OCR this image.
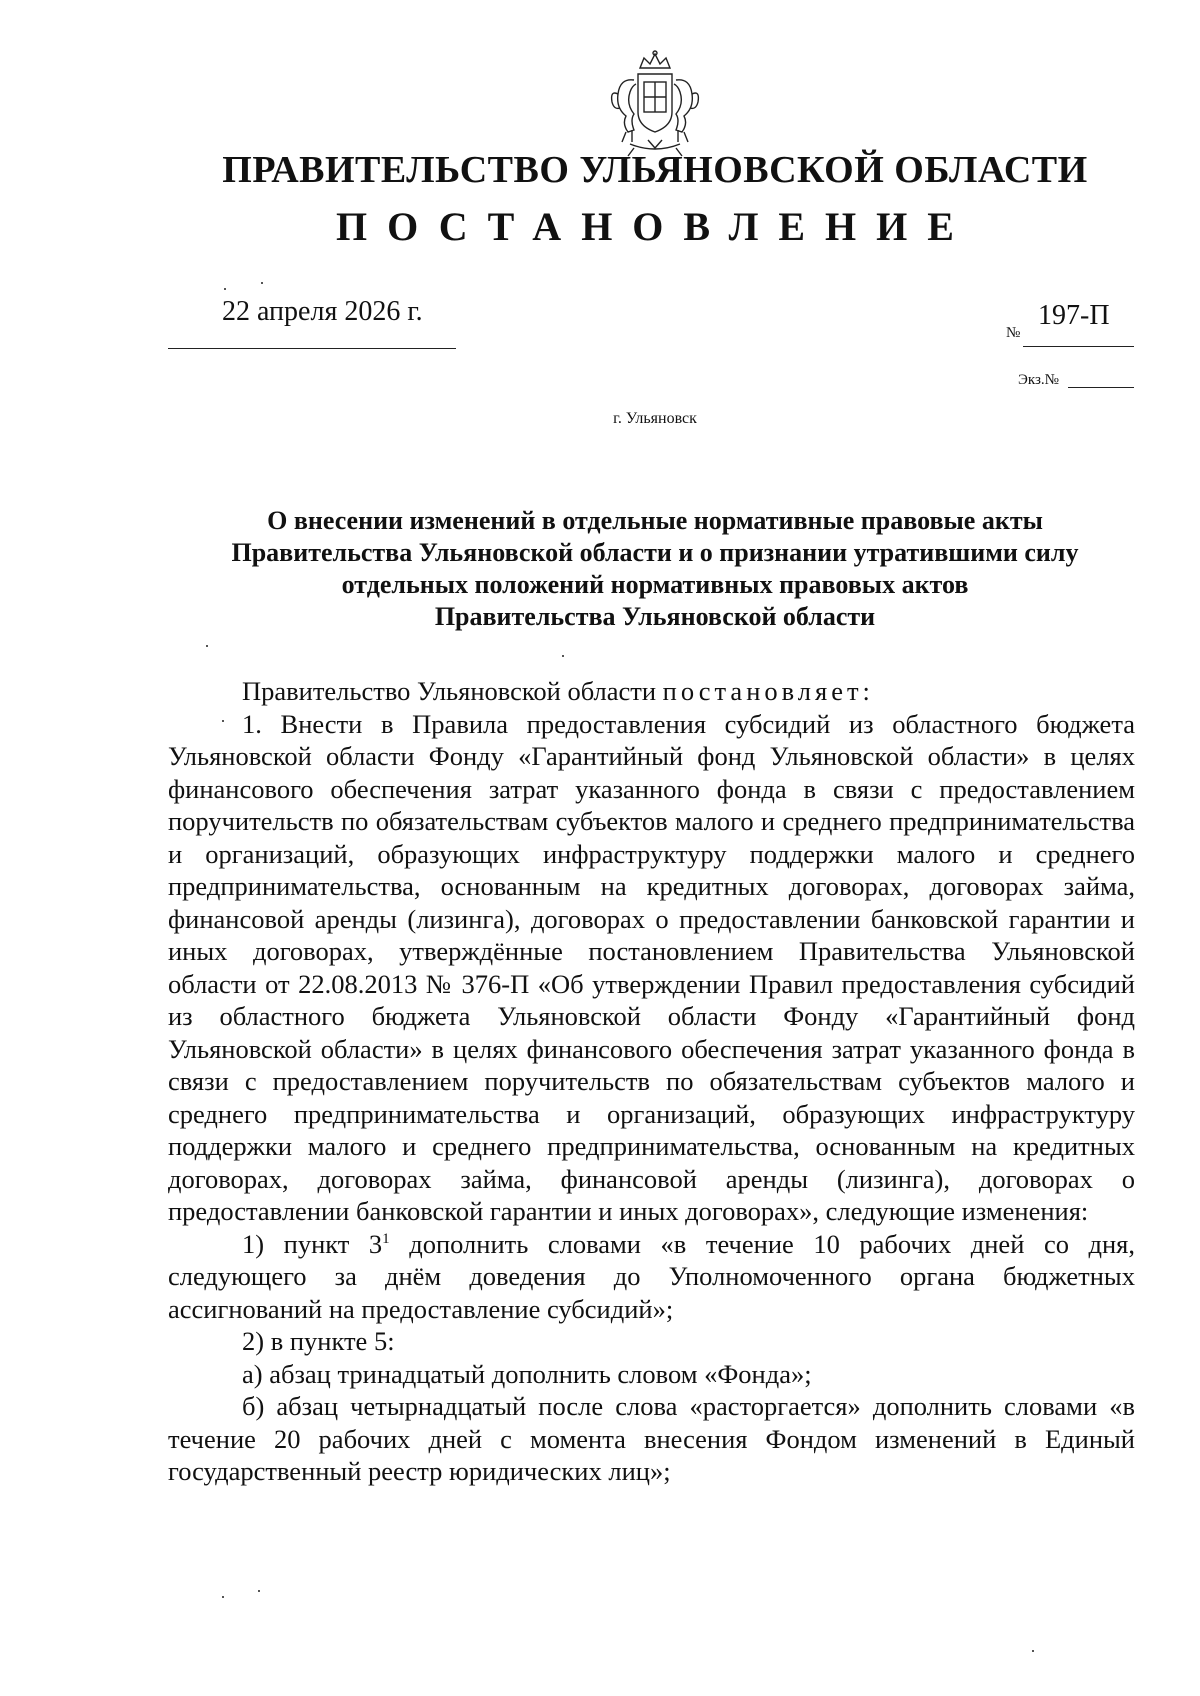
ПРАВИТЕЛЬСТВО УЛЬЯНОВСКОЙ ОБЛАСТИ
ПОСТАНОВЛЕНИЕ
22 апреля 2026 г.
№
197-П
Экз.№
г. Ульяновск
О внесении изменений в отдельные нормативные правовые акты
Правительства Ульяновской области и о признании утратившими силу
отдельных положений нормативных правовых актов
Правительства Ульяновской области

Правительство Ульяновской области постановляет:

1. Внести в Правила предоставления субсидий из областного бюджета Ульяновской области Фонду «Гарантийный фонд Ульяновской области» в целях финансового обеспечения затрат указанного фонда в связи с предоставлением поручительств по обязательствам субъектов малого и среднего предпринимательства и организаций, образующих инфраструктуру поддержки малого и среднего предпринимательства, основанным на кредитных договорах, договорах займа, финансовой аренды (лизинга), договорах о предоставлении банковской гарантии и иных договорах, утверждённые постановлением Правительства Ульяновской области от 22.08.2013 № 376-П «Об утверждении Правил предоставления субсидий из областного бюджета Ульяновской области Фонду «Гарантийный фонд Ульяновской области» в целях финансового обеспечения затрат указанного фонда в связи с предоставлением поручительств по обязательствам субъектов малого и среднего предпринимательства и организаций, образующих инфраструктуру поддержки малого и среднего предпринимательства, основанным на кредитных договорах, договорах займа, финансовой аренды (лизинга), договорах о предоставлении банковской гарантии и иных договорах», следующие изменения:

1) пункт $3^1$ дополнить словами «в течение 10 рабочих дней со дня, следующего за днём доведения до Уполномоченного органа бюджетных ассигнований на предоставление субсидий»;

2) в пункте 5:

а) абзац тринадцатый дополнить словом «Фонда»;

б) абзац четырнадцатый после слова «расторгается» дополнить словами «в течение 20 рабочих дней с момента внесения Фондом изменений в Единый государственный реестр юридических лиц»;
